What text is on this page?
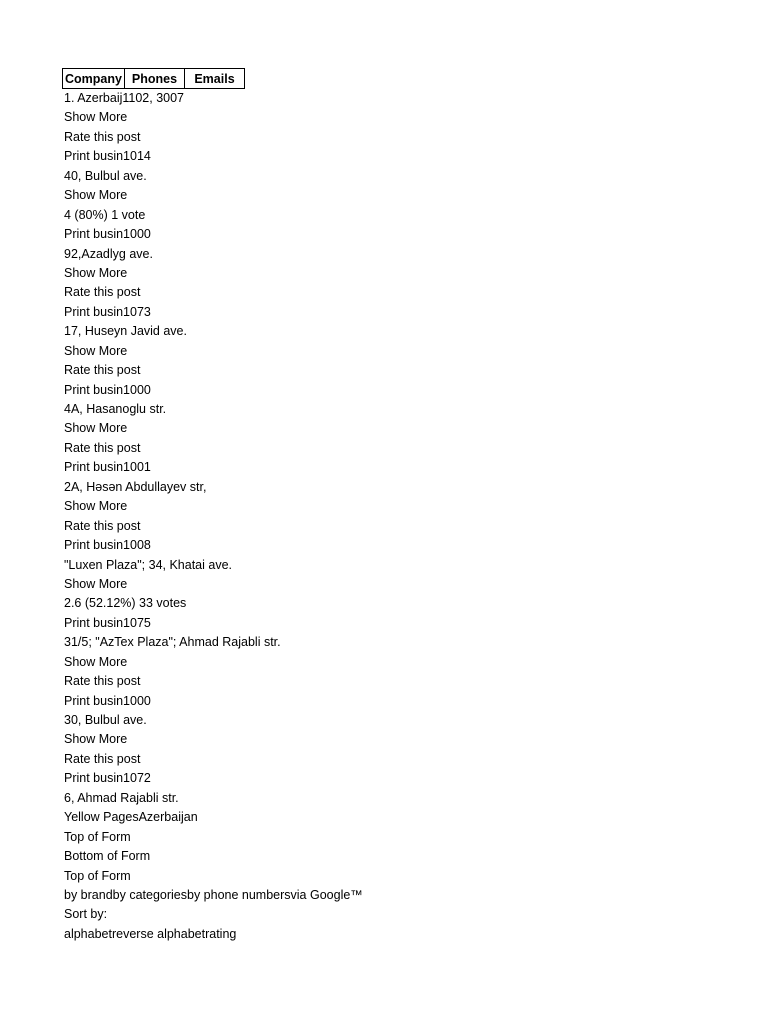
Company	Phones	Emails
1. Azerbaij1102, 3007
Show More
Rate this post
Print busin1014
40, Bulbul ave.
Show More
4 (80%) 1 vote
Print busin1000
92,Azadlyg ave.
Show More
Rate this post
Print busin1073
17, Huseyn Javid ave.
Show More
Rate this post
Print busin1000
4A, Hasanoglu str.
Show More
Rate this post
Print busin1001
2A, Həsən Abdullayev str,
Show More
Rate this post
Print busin1008
"Luxen Plaza"; 34, Khatai ave.
Show More
2.6 (52.12%) 33 votes
Print busin1075
31/5; "AzTex Plaza"; Ahmad Rajabli str.
Show More
Rate this post
Print busin1000
30, Bulbul ave.
Show More
Rate this post
Print busin1072
6, Ahmad Rajabli str.
Yellow PagesAzerbaijan
Top of Form
Bottom of Form
Top of Form
by brandby categoriesby phone numbersvia Google™
Sort by:
alphabetreverse alphabetrating
